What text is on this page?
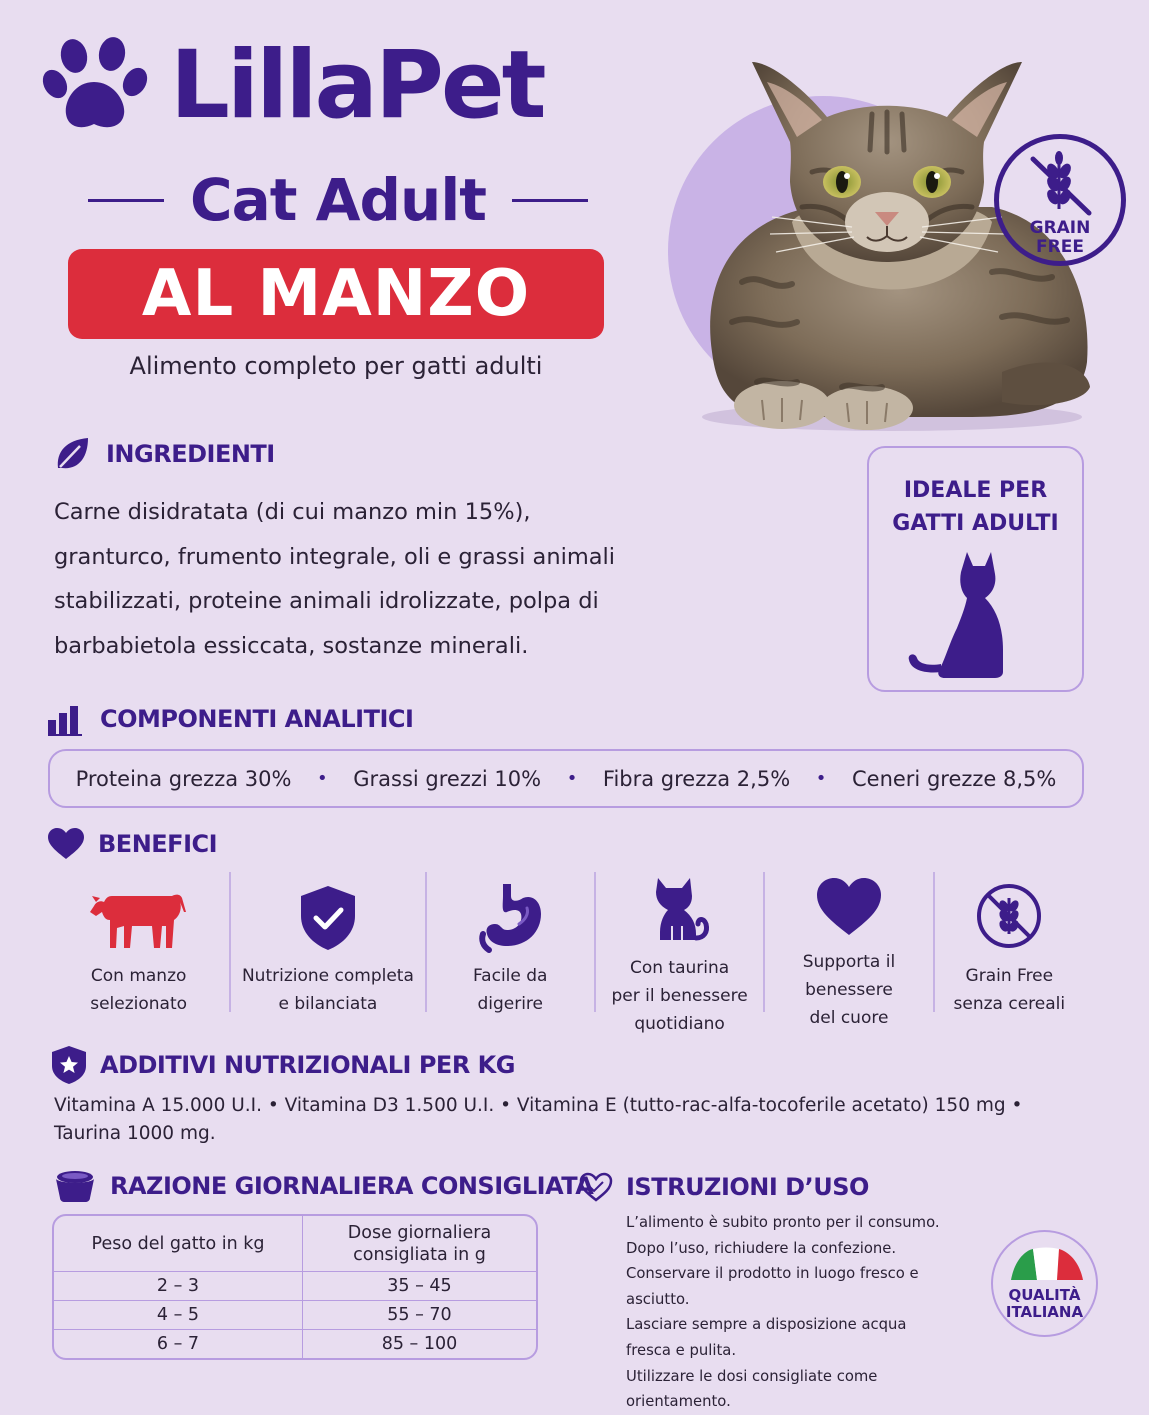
LillaPet
Cat Adult
AL MANZO
Alimento completo per gatti adulti
GRAIN
FREE
INGREDIENTI
Carne disidratata (di cui manzo min 15%),
granturco, frumento integrale, oli e grassi animali
stabilizzati, proteine animali idrolizzate, polpa di
barbabietola essiccata, sostanze minerali.
IDEALE PER
GATTI ADULTI
COMPONENTI ANALITICI
Proteina grezza 30% • Grassi grezzi 10% • Fibra grezza 2,5% • Ceneri grezze 8,5%
BENEFICI
Con manzo
selezionato
Nutrizione completa
e bilanciata
Facile da
digerire
Con taurina
per il benessere
quotidiano
Supporta il
benessere
del cuore
Grain Free
senza cereali
ADDITIVI NUTRIZIONALI PER KG
Vitamina A 15.000 U.I. • Vitamina D3 1.500 U.I. • Vitamina E (tutto-rac-alfa-tocoferile acetato) 150 mg •
Taurina 1000 mg.
RAZIONE GIORNALIERA CONSIGLIATA
Peso del gatto in kg
Dose giornaliera consigliata in g
2 – 3	35 – 45
4 – 5	55 – 70
6 – 7	85 – 100
ISTRUZIONI D’USO
L’alimento è subito pronto per il consumo.
Dopo l’uso, richiudere la confezione.
Conservare il prodotto in luogo fresco e asciutto.
Lasciare sempre a disposizione acqua
fresca e pulita.
Utilizzare le dosi consigliate come orientamento.
QUALITÀ
ITALIANA
